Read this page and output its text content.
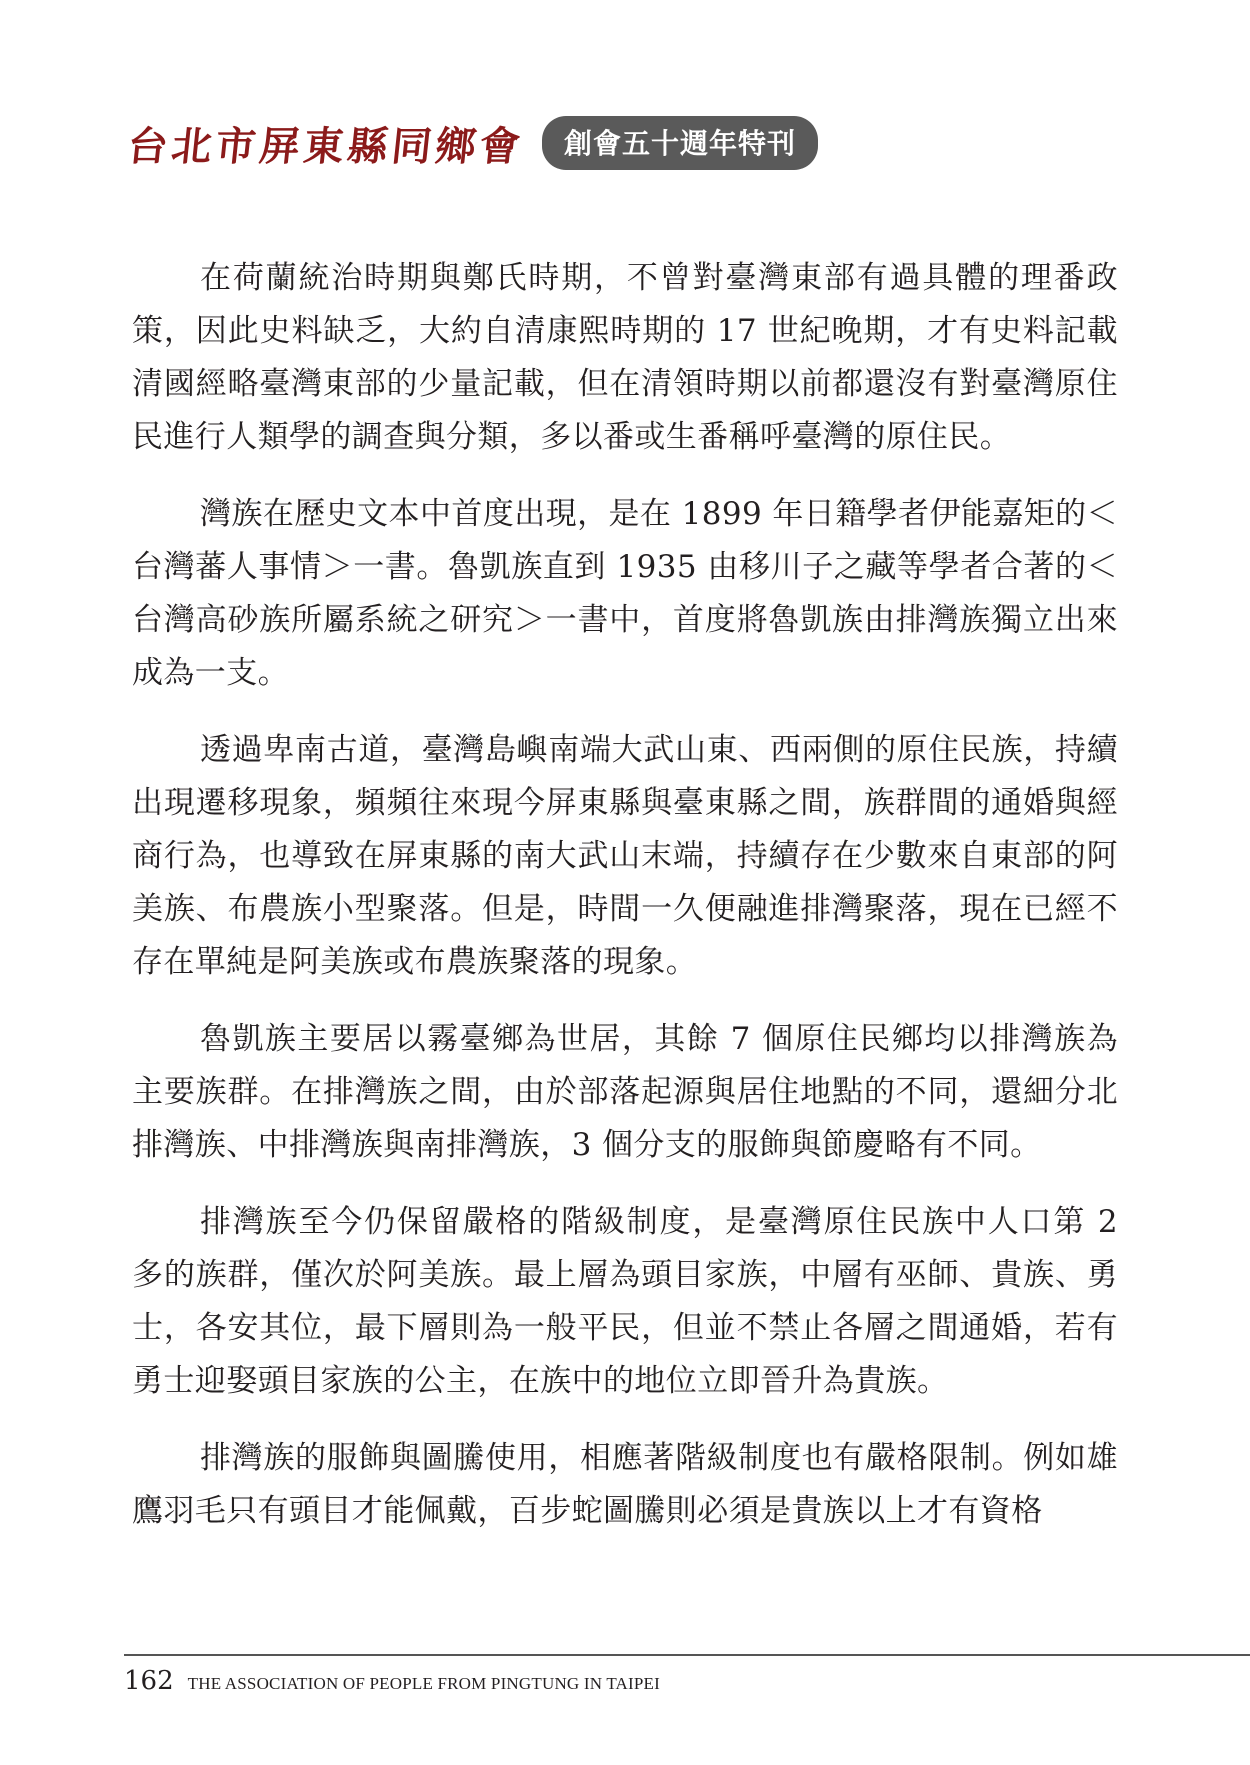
台北市屏東縣同鄉會	創會五十週年特刊

在荷蘭統治時期與鄭氏時期，不曾對臺灣東部有過具體的理番政策，因此史料缺乏，大約自清康熙時期的 17 世紀晚期，才有史料記載清國經略臺灣東部的少量記載，但在清領時期以前都還沒有對臺灣原住民進行人類學的調查與分類，多以番或生番稱呼臺灣的原住民。

灣族在歷史文本中首度出現，是在 1899 年日籍學者伊能嘉矩的＜台灣蕃人事情＞一書。魯凱族直到 1935 由移川子之藏等學者合著的＜台灣高砂族所屬系統之研究＞一書中，首度將魯凱族由排灣族獨立出來成為一支。

透過卑南古道，臺灣島嶼南端大武山東、西兩側的原住民族，持續出現遷移現象，頻頻往來現今屏東縣與臺東縣之間，族群間的通婚與經商行為，也導致在屏東縣的南大武山末端，持續存在少數來自東部的阿美族、布農族小型聚落。但是，時間一久便融進排灣聚落，現在已經不存在單純是阿美族或布農族聚落的現象。

魯凱族主要居以霧臺鄉為世居，其餘 7 個原住民鄉均以排灣族為主要族群。在排灣族之間，由於部落起源與居住地點的不同，還細分北排灣族、中排灣族與南排灣族，3 個分支的服飾與節慶略有不同。

排灣族至今仍保留嚴格的階級制度，是臺灣原住民族中人口第 2 多的族群，僅次於阿美族。最上層為頭目家族，中層有巫師、貴族、勇士，各安其位，最下層則為一般平民，但並不禁止各層之間通婚，若有勇士迎娶頭目家族的公主，在族中的地位立即晉升為貴族。

排灣族的服飾與圖騰使用，相應著階級制度也有嚴格限制。例如雄鷹羽毛只有頭目才能佩戴，百步蛇圖騰則必須是貴族以上才有資格

162 THE ASSOCIATION OF PEOPLE FROM PINGTUNG IN TAIPEI
